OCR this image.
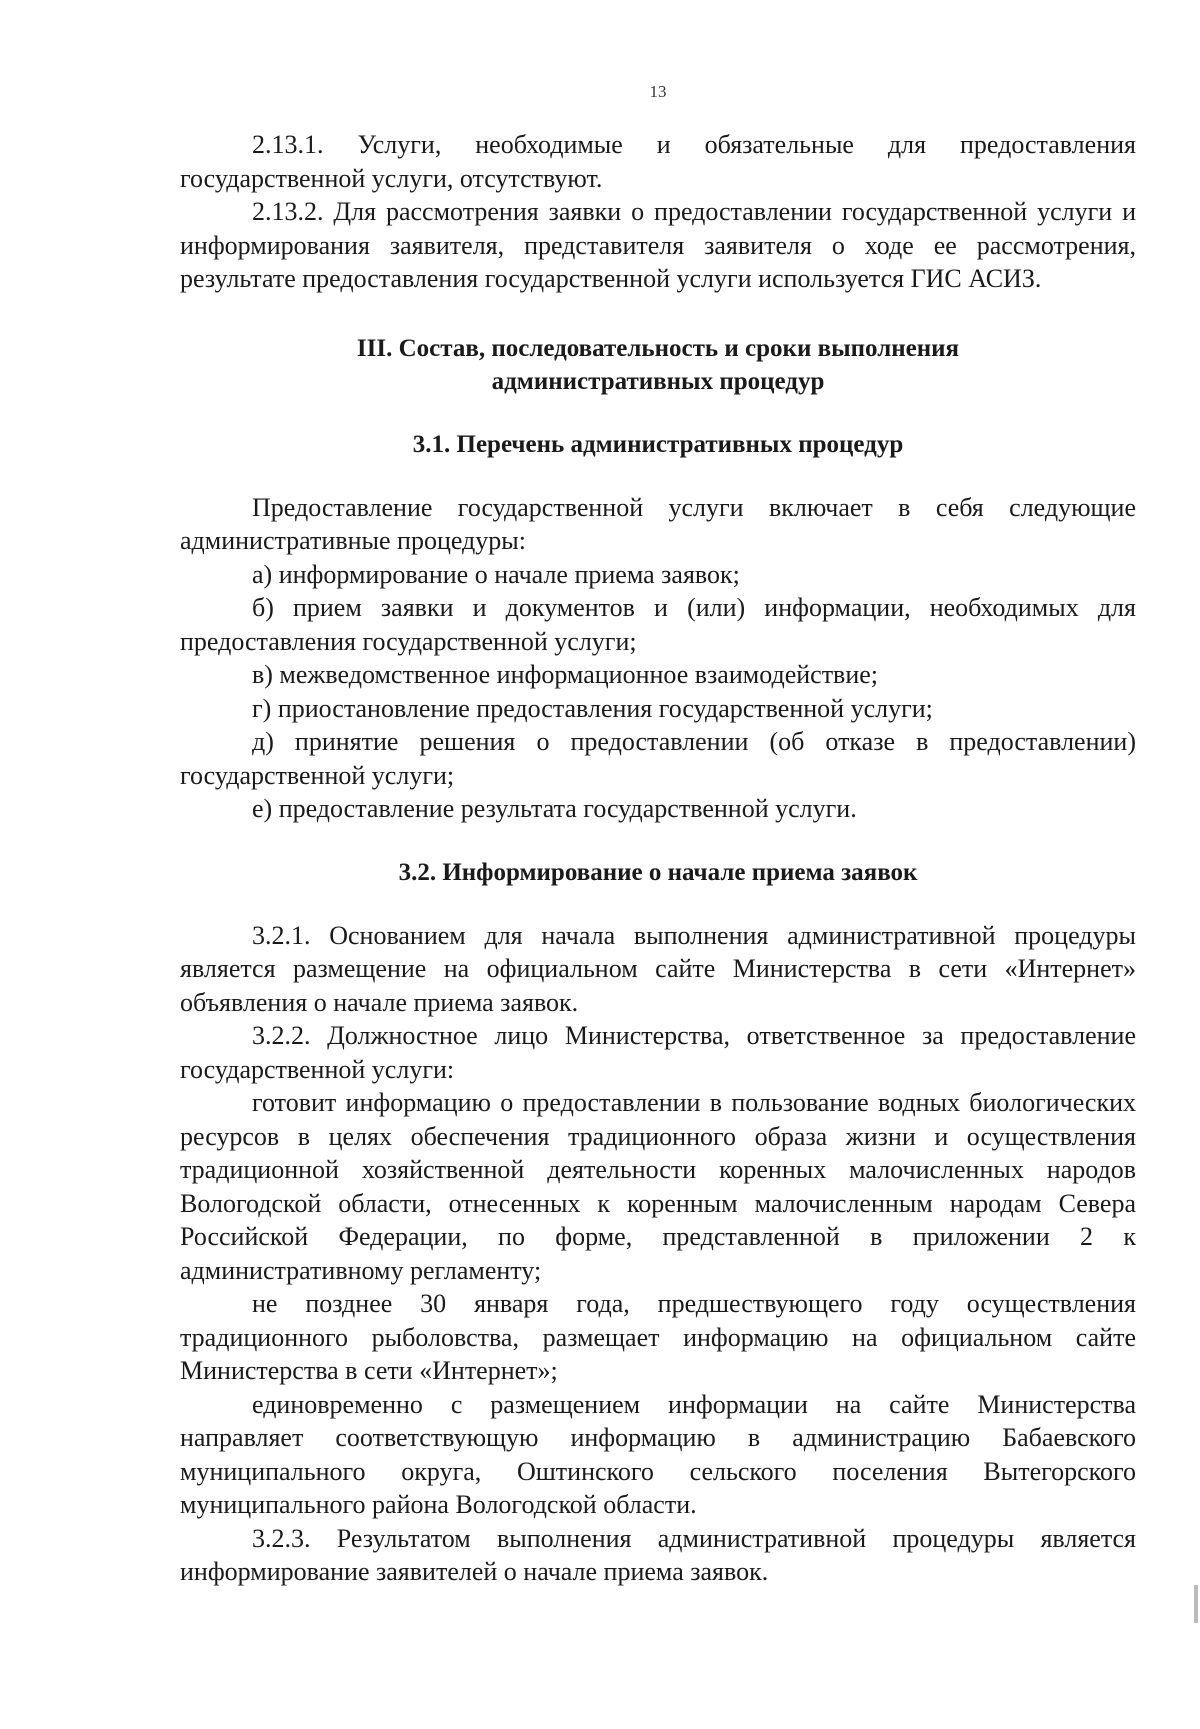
13

2.13.1. Услуги, необходимые и обязательные для предоставления государственной услуги, отсутствуют.

2.13.2. Для рассмотрения заявки о предоставлении государственной услуги и информирования заявителя, представителя заявителя о ходе ее рассмотрения, результате предоставления государственной услуги используется ГИС АСИЗ.

III. Состав, последовательность и сроки выполнения

административных процедур

3.1. Перечень административных процедур

Предоставление государственной услуги включает в себя следующие административные процедуры:

а) информирование о начале приема заявок;

б) прием заявки и документов и (или) информации, необходимых для предоставления государственной услуги;

в) межведомственное информационное взаимодействие;

г) приостановление предоставления государственной услуги;

д) принятие решения о предоставлении (об отказе в предоставлении) государственной услуги;

е) предоставление результата государственной услуги.

3.2. Информирование о начале приема заявок

3.2.1. Основанием для начала выполнения административной процедуры является размещение на официальном сайте Министерства в сети «Интернет» объявления о начале приема заявок.

3.2.2. Должностное лицо Министерства, ответственное за предоставление государственной услуги:

готовит информацию о предоставлении в пользование водных биологических ресурсов в целях обеспечения традиционного образа жизни и осуществления традиционной хозяйственной деятельности коренных малочисленных народов Вологодской области, отнесенных к коренным малочисленным народам Севера Российской Федерации, по форме, представленной в приложении 2 к административному регламенту;

не позднее 30 января года, предшествующего году осуществления традиционного рыболовства, размещает информацию на официальном сайте Министерства в сети «Интернет»;

единовременно с размещением информации на сайте Министерства направляет соответствующую информацию в администрацию Бабаевского муниципального округа, Оштинского сельского поселения Вытегорского муниципального района Вологодской области.

3.2.3. Результатом выполнения административной процедуры является информирование заявителей о начале приема заявок.
